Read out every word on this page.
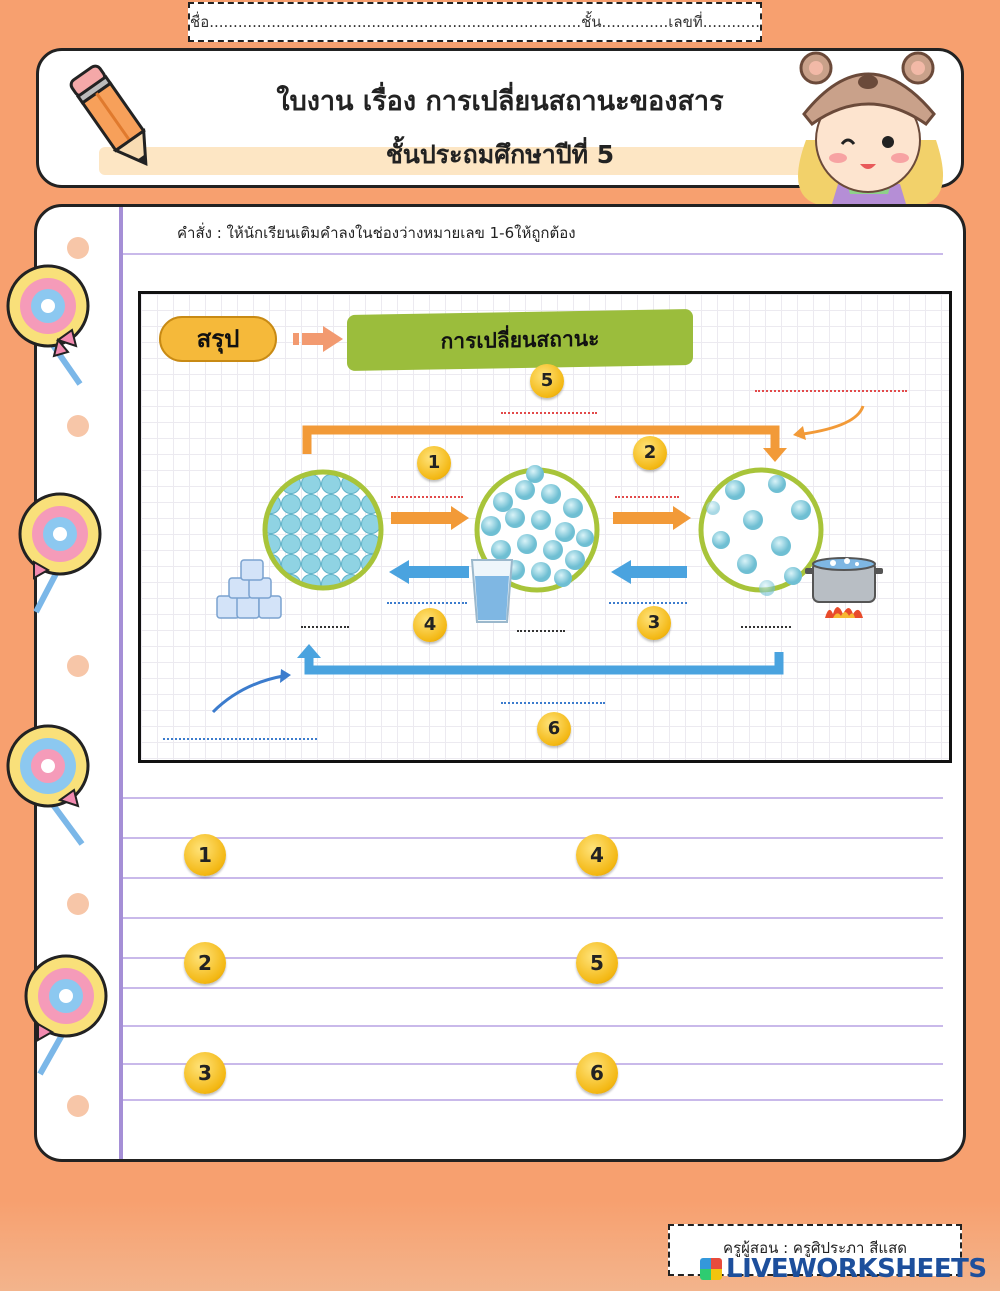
ชื่อ..............................................................................ชั้น..............เลขที่............
ใบงาน เรื่อง การเปลี่ยนสถานะของสาร
ชั้นประถมศึกษาปีที่ 5
คำสั่ง : ให้นักเรียนเติมคำลงในช่องว่างหมายเลข 1-6ให้ถูกต้อง
สรุป	การเปลี่ยนสถานะ
5
1	2
4	3
6
1
2
3
4
5
6
ครูผู้สอน : ครูศิประภา สีแสด
LIVEWORKSHEETS
